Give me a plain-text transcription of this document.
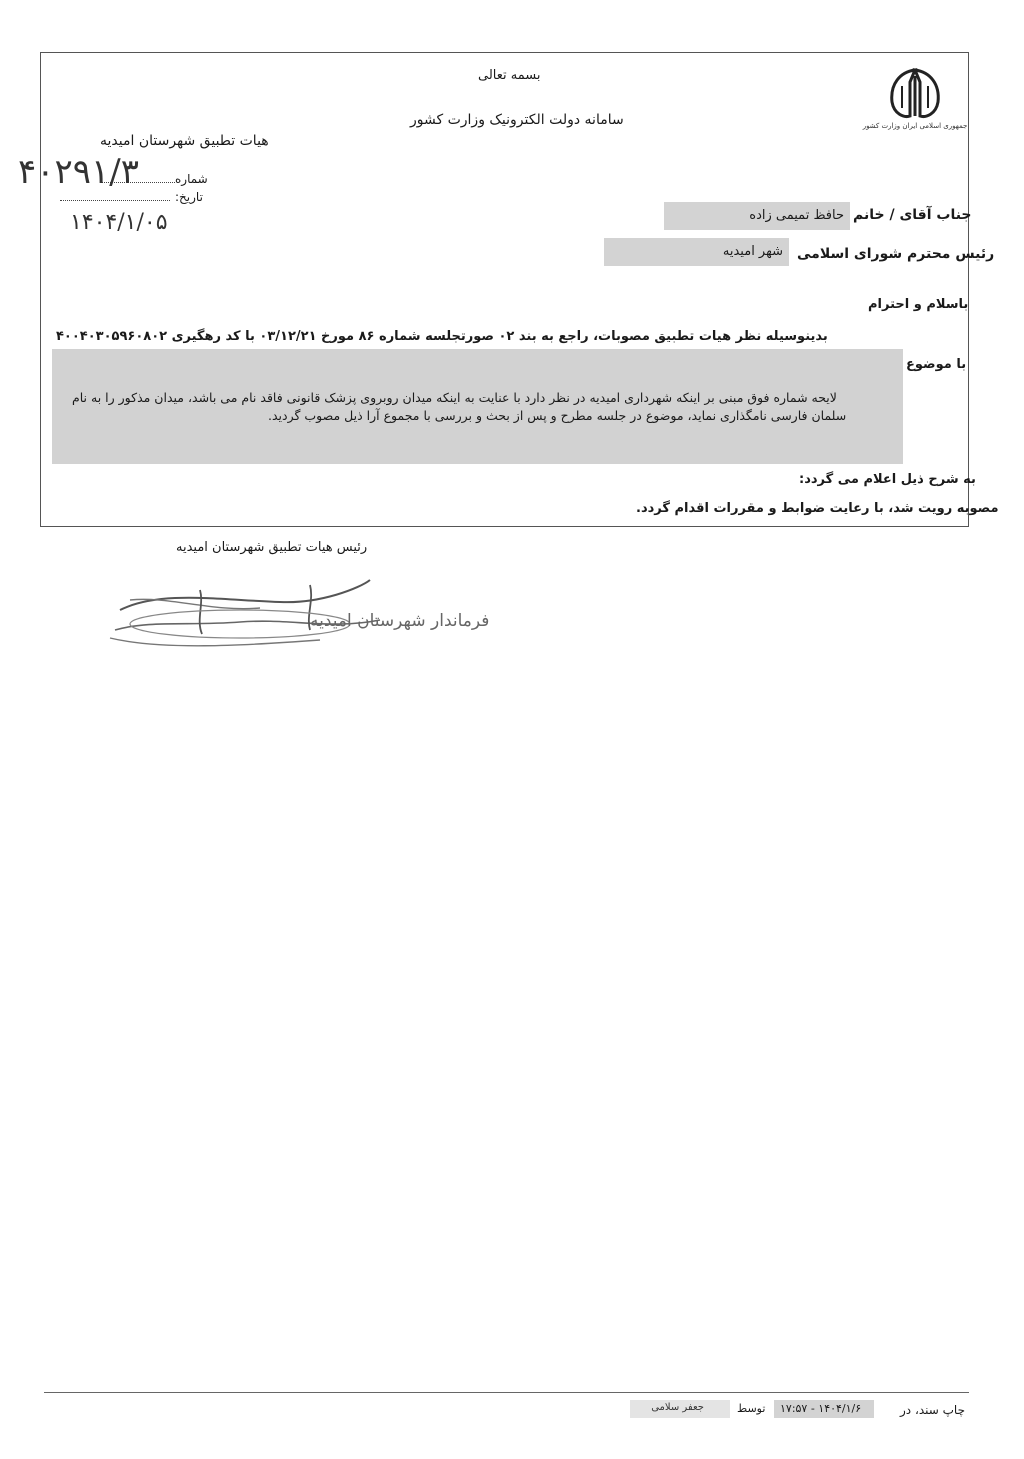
جمهوری اسلامی ایران وزارت کشور
بسمه تعالی
سامانه دولت الکترونیک وزارت کشور
هیات تطبیق شهرستان امیدیه
شماره
۴۰۲۹۱/۳
تاریخ:
۱۴۰۴/۱/۰۵	جناب آقای / خانم
حافظ تمیمی زاده
رئیس محترم شورای اسلامی
شهر امیدیه
باسلام و احترام
بدینوسیله نظر هیات تطبیق مصوبات، راجع به بند ۰۲ صورتجلسه شماره ۸۶ مورخ ۰۳/۱۲/۲۱ با کد رهگیری ۴۰۰۴۰۳۰۵۹۶۰۸۰۲
با موضوع
لایحه شماره فوق مبنی بر اینکه شهرداری امیدیه در نظر دارد با عنایت به اینکه میدان روبروی پزشک قانونی فاقد نام می باشد، میدان مذکور را به نام
سلمان فارسی نامگذاری نماید، موضوع در جلسه مطرح و پس از بحث و بررسی با مجموع آرا ذیل مصوب گردید.
به شرح ذیل اعلام می گردد:
مصوبه رویت شد، با رعایت ضوابط و مقررات اقدام گردد.
رئیس هیات تطبیق شهرستان امیدیه
فرماندار شهرستان امیدیه
چاپ سند، در
۱۷:۵۷ - ۱۴۰۴/۱/۶
توسط
جعفر سلامی
